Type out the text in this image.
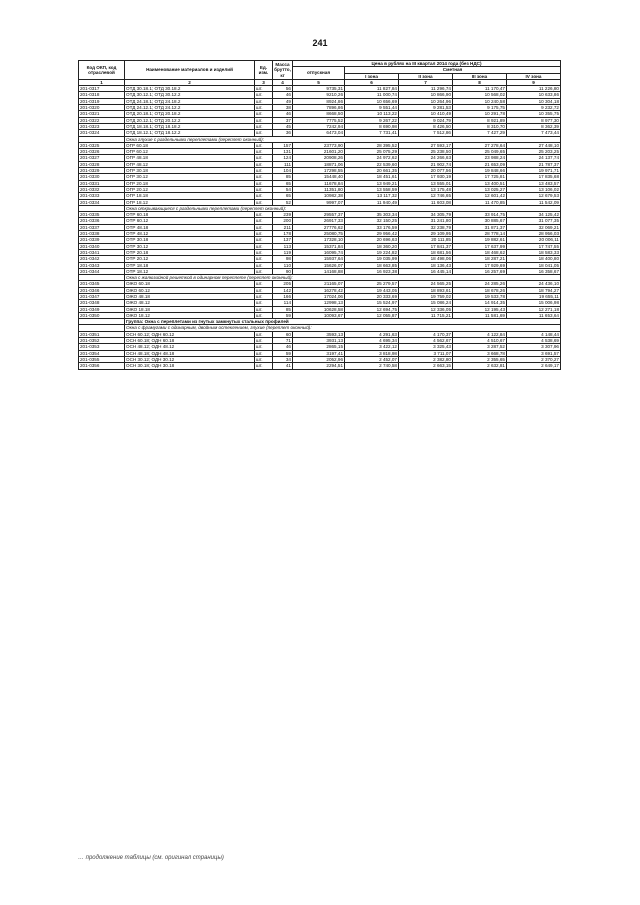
241
Код ОКП, код отраслевой	Наименование материалов и изделий	Ед. изм.	Масса брутто, кг	Цена в рублях на III квартал 2014 года (без НДС)				
				отпускная	Сметная			
					I зона	II зона	III зона	IV зона
1	2	3	4	5	6	7	8	9
201-0317	ОТД 30.18.1; ОТД 30.18.2	шт.	56	9735,31	11 827,84	11 296,74	11 170,47	11 226,80
201-0318	ОТД 30.12.1; ОТД 30.12.2	шт.	46	9210,26	11 000,74	10 866,90	10 568,02	10 633,86
201-0319	ОТД 24.18.1; ОТД 24.18.2	шт.	49	8924,86	10 656,69	10 264,96	10 240,58	10 304,18
201-0320	ОТД 24.12.1; ОТД 24.12.2	шт.	38	7896,86	9 551,44	9 281,53	9 175,75	9 232,72
201-0321	ОТД 20.18.1; ОТД 20.18.2	шт.	46	8668,50	10 113,22	10 410,49	10 291,78	10 355,75
201-0322	ОТД 20.12.1; ОТД 20.12.2	шт.	37	7775,52	9 267,22	9 024,79	8 921,89	8 977,30
201-0323	ОТД 18.18.1; ОТД 18.18.2	шт.	45	7242,94	8 690,98	8 426,50	8 310,70	8 362,39
201-0324	ОТД 18.12.1; ОТД 18.12.2	шт.	36	6473,04	7 731,41	7 512,86	7 427,29	7 473,44
	Окна глухие с раздельными переплетами (переплет оконный):							
201-0325	ОГР 60.18	шт.	157	23773,90	28 395,52	27 593,17	27 278,64	27 448,10
201-0326	ОГР 60.12	шт.	131	21601,20	25 075,29	25 238,50	25 049,65	25 203,25
201-0327	ОГР 48.18	шт.	124	20908,26	24 972,62	24 266,63	23 988,24	24 137,74
201-0328	ОГР 48.12	шт.	111	18871,06	22 539,60	21 902,74	21 653,09	21 787,37
201-0329	ОГР 30.18	шт.	104	17298,55	20 661,35	20 077,56	19 848,66	19 971,71
201-0330	ОГР 30.12	шт.	85	15448,40	18 451,61	17 930,19	17 725,81	17 835,68
201-0331	ОГР 20.18	шт.	65	11678,84	13 949,21	13 555,01	13 400,51	13 483,57
201-0332	ОГР 20.12	шт.	54	11351,80	13 558,59	13 175,48	13 025,27	13 106,02
201-0333	ОГР 18.18	шт.	65	10982,38	13 117,32	12 746,65	12 601,42	12 679,53
201-0334	ОГР 18.12	шт.	52	9997,07	11 940,49	11 603,08	11 470,85	11 542,09
	Окна открывающиеся с раздельными переплетами (переплет оконный):							
201-0335	ОТР 60.18	шт.	239	29557,37	35 303,34	34 305,79	33 914,75	34 125,42
201-0336	ОТР 60.12	шт.	200	26917,33	32 150,25	31 241,80	30 885,67	31 077,35
201-0337	ОТР 48.18	шт.	211	27776,62	33 176,59	32 238,79	31 871,37	32 069,21
201-0338	ОТР 48.12	шт.	178	25080,75	29 956,42	29 109,95	28 778,14	28 956,03
201-0339	ОТР 30.18	шт.	137	17328,10	20 696,63	20 111,85	19 882,61	20 006,11
201-0340	ОТР 30.12	шт.	113	15371,84	18 360,20	17 841,37	17 637,99	17 747,55
201-0341	ОТР 20.18	шт.	119	16095,74	19 224,82	18 681,56	18 468,62	18 583,33
201-0342	ОТР 20.12	шт.	98	15937,64	19 035,99	18 498,06	18 287,21	18 400,80
201-0343	ОТР 18.18	шт.	110	15626,07	18 663,85	18 136,43	17 929,69	18 041,05
201-0344	ОТР 18.12	шт.	90	14168,88	16 923,38	16 445,14	16 257,69	16 358,67
	Окна с жалюзийной решеткой в одинарном переплете (переплет оконный):							
201-0345	ОЖО 60.18	шт.	205	21165,07	25 279,57	24 565,25	24 285,26	24 436,10
201-0346	ОЖО 60.12	шт.	142	16278,42	19 443,05	18 893,61	18 678,26	18 794,27
201-0347	ОЖО 48.18	шт.	166	17024,06	20 333,69	19 759,02	19 533,78	19 655,11
201-0348	ОЖО 48.12	шт.	114	12998,13	15 524,97	15 086,24	14 914,35	15 006,98
201-0349	ОЖО 18.18	шт.	85	10628,58	12 694,75	12 336,05	12 195,43	12 271,18
201-0350	ОЖО 18.12	шт.	59	10093,67	12 055,87	11 715,21	11 581,69	11 653,64
	Группа: Окна с переплетами из гнутых замкнутых стальных профилей							
	Окна с фрамугами с одинарным, двойным остеклением, глухие (переплет оконный):							
201-0351	ОСН 60.12; ОДН 60.12	шт.	60	3593,13	4 291,63	4 170,37	4 122,84	4 148,44
201-0352	ОСН 60.18; ОДН 60.18	шт.	71	3931,13	4 695,34	4 562,67	4 510,67	4 538,69
201-0353	ОСН 48.12; ОДН 48.12	шт.	46	2865,15	3 422,12	3 325,43	3 287,52	3 307,96
201-0354	ОСН 48.18; ОДН 48.18	шт.	59	3197,41	3 818,98	3 711,07	3 668,78	3 691,57
201-0355	ОСН 30.12; ОДН 30.12	шт.	34	2052,96	2 452,07	2 382,80	2 355,65	2 370,27
201-0356	ОСН 30.18; ОДН 30.18	шт.	41	2294,51	2 740,58	2 663,15	2 632,81	2 649,17
… продолжение таблицы (см. оригинал страницы)
